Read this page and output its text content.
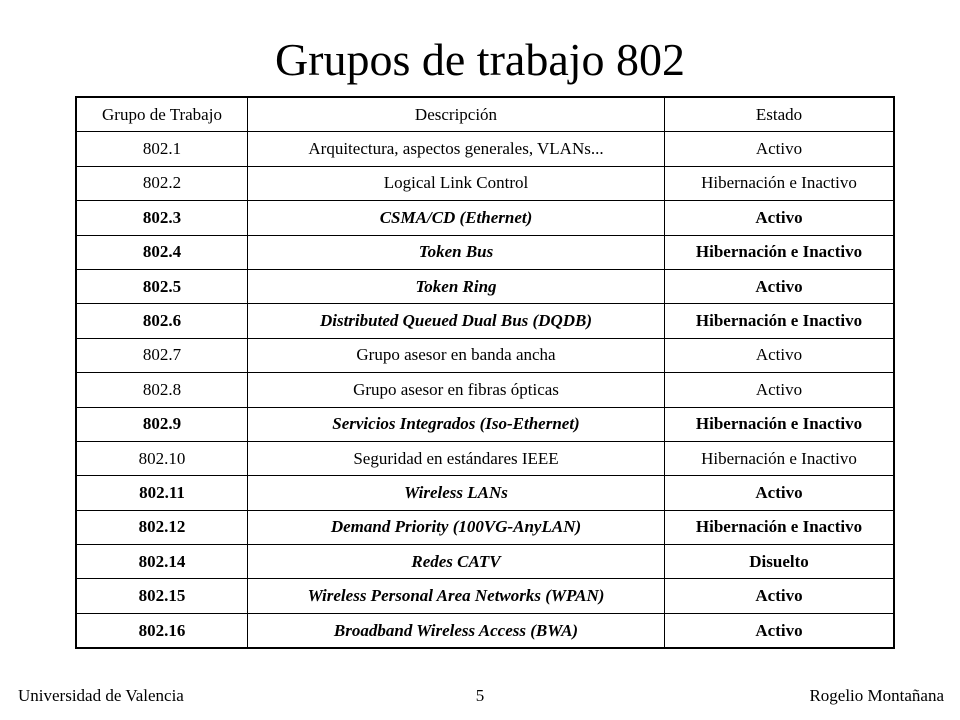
Grupos de trabajo 802
Grupo de Trabajo	Descripción	Estado
802.1	Arquitectura, aspectos generales, VLANs...	Activo
802.2	Logical Link Control	Hibernación e Inactivo
802.3	CSMA/CD (Ethernet)	Activo
802.4	Token Bus	Hibernación e Inactivo
802.5	Token Ring	Activo
802.6	Distributed Queued Dual Bus (DQDB)	Hibernación e Inactivo
802.7	Grupo asesor en banda ancha	Activo
802.8	Grupo asesor en fibras ópticas	Activo
802.9	Servicios Integrados (Iso-Ethernet)	Hibernación e Inactivo
802.10	Seguridad en estándares IEEE	Hibernación e Inactivo
802.11	Wireless LANs	Activo
802.12	Demand Priority (100VG-AnyLAN)	Hibernación e Inactivo
802.14	Redes CATV	Disuelto
802.15	Wireless Personal Area Networks (WPAN)	Activo
802.16	Broadband Wireless Access (BWA)	Activo
Universidad de Valencia	5	Rogelio Montañana
